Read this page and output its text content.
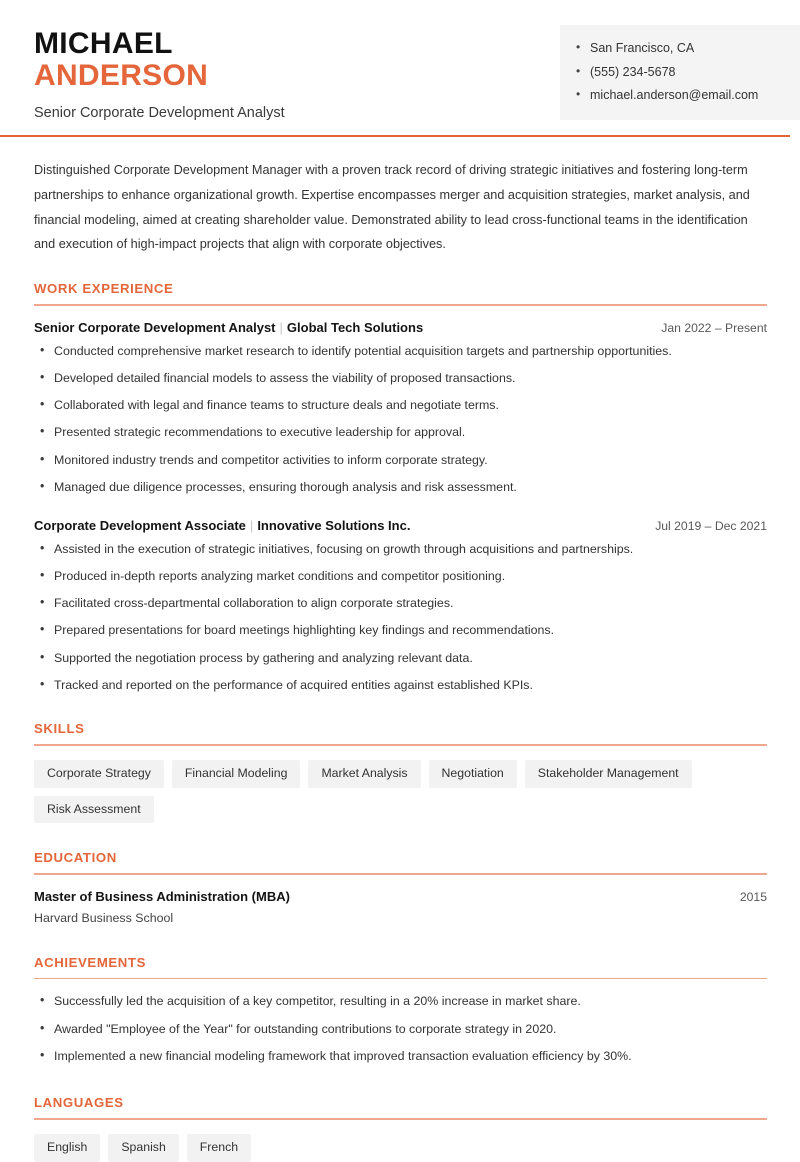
MICHAEL
ANDERSON
Senior Corporate Development Analyst
• San Francisco, CA
• (555) 234-5678
• michael.anderson@email.com

Distinguished Corporate Development Manager with a proven track record of driving strategic initiatives and fostering long-term partnerships to enhance organizational growth. Expertise encompasses merger and acquisition strategies, market analysis, and financial modeling, aimed at creating shareholder value. Demonstrated ability to lead cross-functional teams in the identification and execution of high-impact projects that align with corporate objectives.

WORK EXPERIENCE
Senior Corporate Development Analyst | Global Tech Solutions	Jan 2022 – Present
• Conducted comprehensive market research to identify potential acquisition targets and partnership opportunities.
• Developed detailed financial models to assess the viability of proposed transactions.
• Collaborated with legal and finance teams to structure deals and negotiate terms.
• Presented strategic recommendations to executive leadership for approval.
• Monitored industry trends and competitor activities to inform corporate strategy.
• Managed due diligence processes, ensuring thorough analysis and risk assessment.
Corporate Development Associate | Innovative Solutions Inc.	Jul 2019 – Dec 2021
• Assisted in the execution of strategic initiatives, focusing on growth through acquisitions and partnerships.
• Produced in-depth reports analyzing market conditions and competitor positioning.
• Facilitated cross-departmental collaboration to align corporate strategies.
• Prepared presentations for board meetings highlighting key findings and recommendations.
• Supported the negotiation process by gathering and analyzing relevant data.
• Tracked and reported on the performance of acquired entities against established KPIs.
SKILLS
Corporate Strategy	Financial Modeling	Market Analysis	Negotiation	Stakeholder Management
Risk Assessment
EDUCATION
Master of Business Administration (MBA)	2015
Harvard Business School
ACHIEVEMENTS
• Successfully led the acquisition of a key competitor, resulting in a 20% increase in market share.
• Awarded "Employee of the Year" for outstanding contributions to corporate strategy in 2020.
• Implemented a new financial modeling framework that improved transaction evaluation efficiency by 30%.
LANGUAGES
English	Spanish	French
